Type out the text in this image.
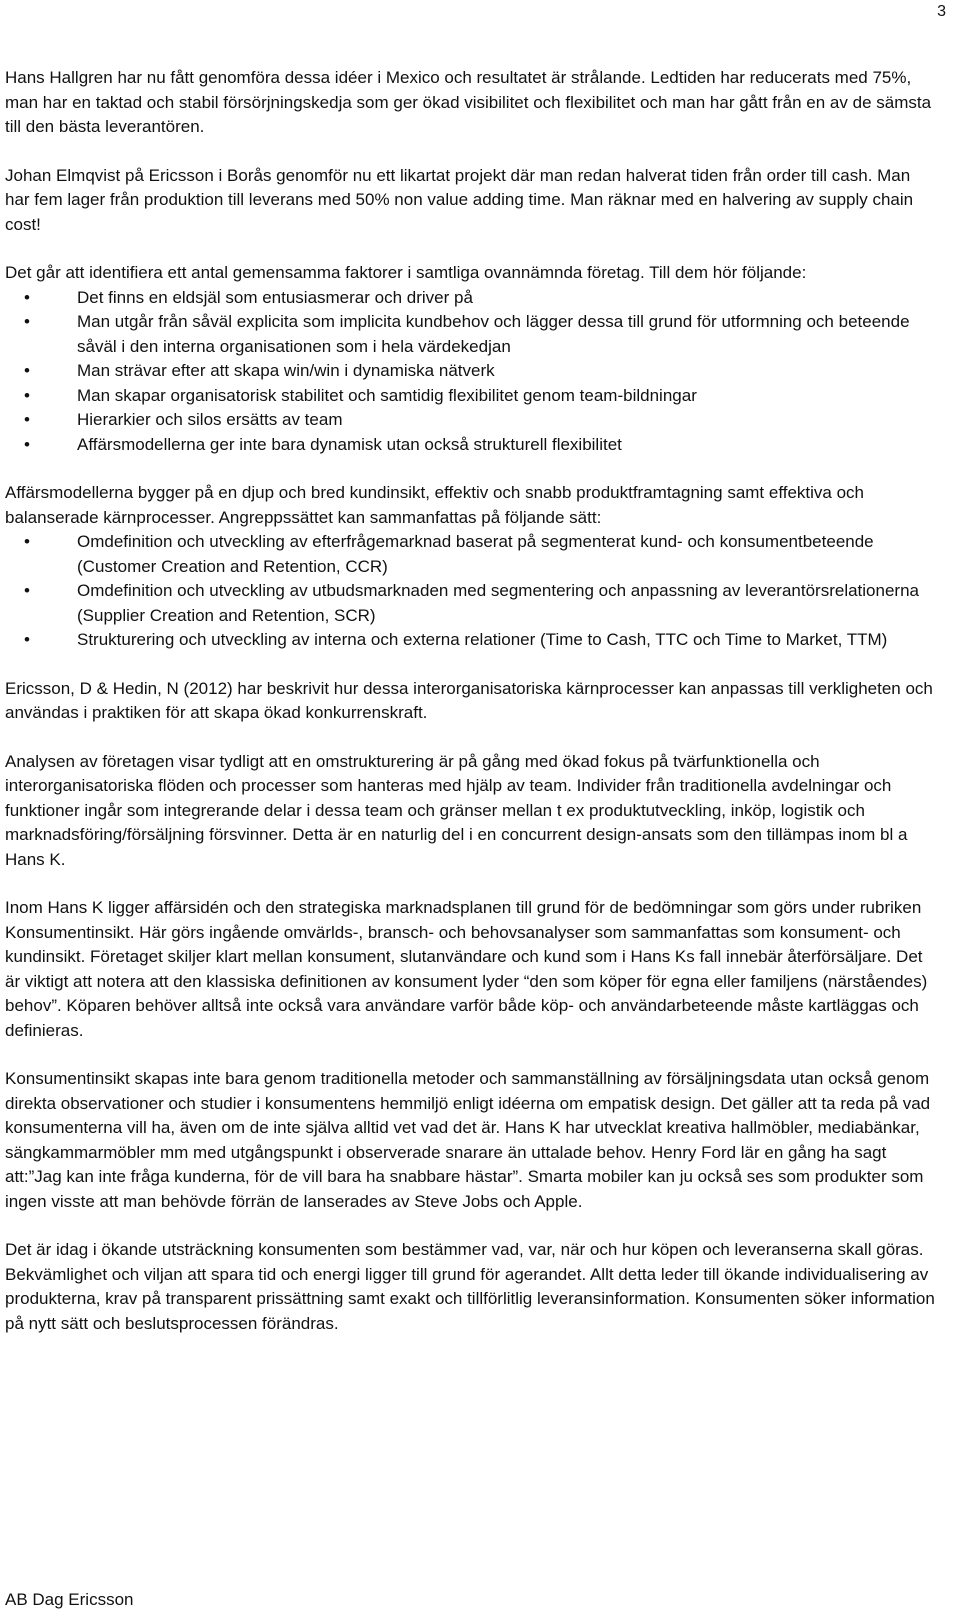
3

Hans Hallgren har nu fått genomföra dessa idéer i Mexico och resultatet är strålande. Ledtiden har reducerats med 75%, man har en taktad och stabil försörjningskedja som ger ökad visibilitet och flexibilitet och man har gått från en av de sämsta till den bästa leverantören.

Johan Elmqvist på Ericsson i Borås genomför nu ett likartat projekt där man redan halverat tiden från order till cash. Man har fem lager från produktion till leverans med 50% non value adding time. Man räknar med en halvering av supply chain cost!

Det går att identifiera ett antal gemensamma faktorer i samtliga ovannämnda företag. Till dem hör följande:

• Det finns en eldsjäl som entusiasmerar och driver på
• Man utgår från såväl explicita som implicita kundbehov och lägger dessa till grund för utformning och beteende såväl i den interna organisationen som i hela värdekedjan
• Man strävar efter att skapa win/win i dynamiska nätverk
• Man skapar organisatorisk stabilitet och samtidig flexibilitet genom team-bildningar
• Hierarkier och silos ersätts av team
• Affärsmodellerna ger inte bara dynamisk utan också strukturell flexibilitet

Affärsmodellerna bygger på en djup och bred kundinsikt, effektiv och snabb produktframtagning samt effektiva och balanserade kärnprocesser. Angreppssättet kan sammanfattas på följande sätt:

• Omdefinition och utveckling av efterfrågemarknad baserat på segmenterat kund- och konsumentbeteende (Customer Creation and Retention, CCR)
• Omdefinition och utveckling av utbudsmarknaden med segmentering och anpassning av leverantörsrelationerna (Supplier Creation and Retention, SCR)
• Strukturering och utveckling av interna och externa relationer (Time to Cash, TTC och Time to Market, TTM)

Ericsson, D & Hedin, N (2012) har beskrivit hur dessa interorganisatoriska kärnprocesser kan anpassas till verkligheten och användas i praktiken för att skapa ökad konkurrenskraft.

Analysen av företagen visar tydligt att en omstrukturering är på gång med ökad fokus på tvärfunktionella och interorganisatoriska flöden och processer som hanteras med hjälp av team. Individer från traditionella avdelningar och funktioner ingår som integrerande delar i dessa team och gränser mellan t ex produktutveckling, inköp, logistik och marknadsföring/försäljning försvinner. Detta är en naturlig del i en concurrent design-ansats som den tillämpas inom bl a Hans K.

Inom Hans K ligger affärsidén och den strategiska marknadsplanen till grund för de bedömningar som görs under rubriken Konsumentinsikt. Här görs ingående omvärlds-, bransch- och behovsanalyser som sammanfattas som konsument- och kundinsikt. Företaget skiljer klart mellan konsument, slutanvändare och kund som i Hans Ks fall innebär återförsäljare. Det är viktigt att notera att den klassiska definitionen av konsument lyder “den som köper för egna eller familjens (närståendes) behov”. Köparen behöver alltså inte också vara användare varför både köp- och användarbeteende måste kartläggas och definieras.

Konsumentinsikt skapas inte bara genom traditionella metoder och sammanställning av försäljningsdata utan också genom direkta observationer och studier i konsumentens hemmiljö enligt idéerna om empatisk design. Det gäller att ta reda på vad konsumenterna vill ha, även om de inte själva alltid vet vad det är. Hans K har utvecklat kreativa hallmöbler, mediabänkar, sängkammarmöbler mm med utgångspunkt i observerade snarare än uttalade behov. Henry Ford lär en gång ha sagt att:”Jag kan inte fråga kunderna, för de vill bara ha snabbare hästar”. Smarta mobiler kan ju också ses som produkter som ingen visste att man behövde förrän de lanserades av Steve Jobs och Apple.

Det är idag i ökande utsträckning konsumenten som bestämmer vad, var, när och hur köpen och leveranserna skall göras. Bekvämlighet och viljan att spara tid och energi ligger till grund för agerandet. Allt detta leder till ökande individualisering av produkterna, krav på transparent prissättning samt exakt och tillförlitlig leveransinformation. Konsumenten söker information på nytt sätt och beslutsprocessen förändras.

AB Dag Ericsson
